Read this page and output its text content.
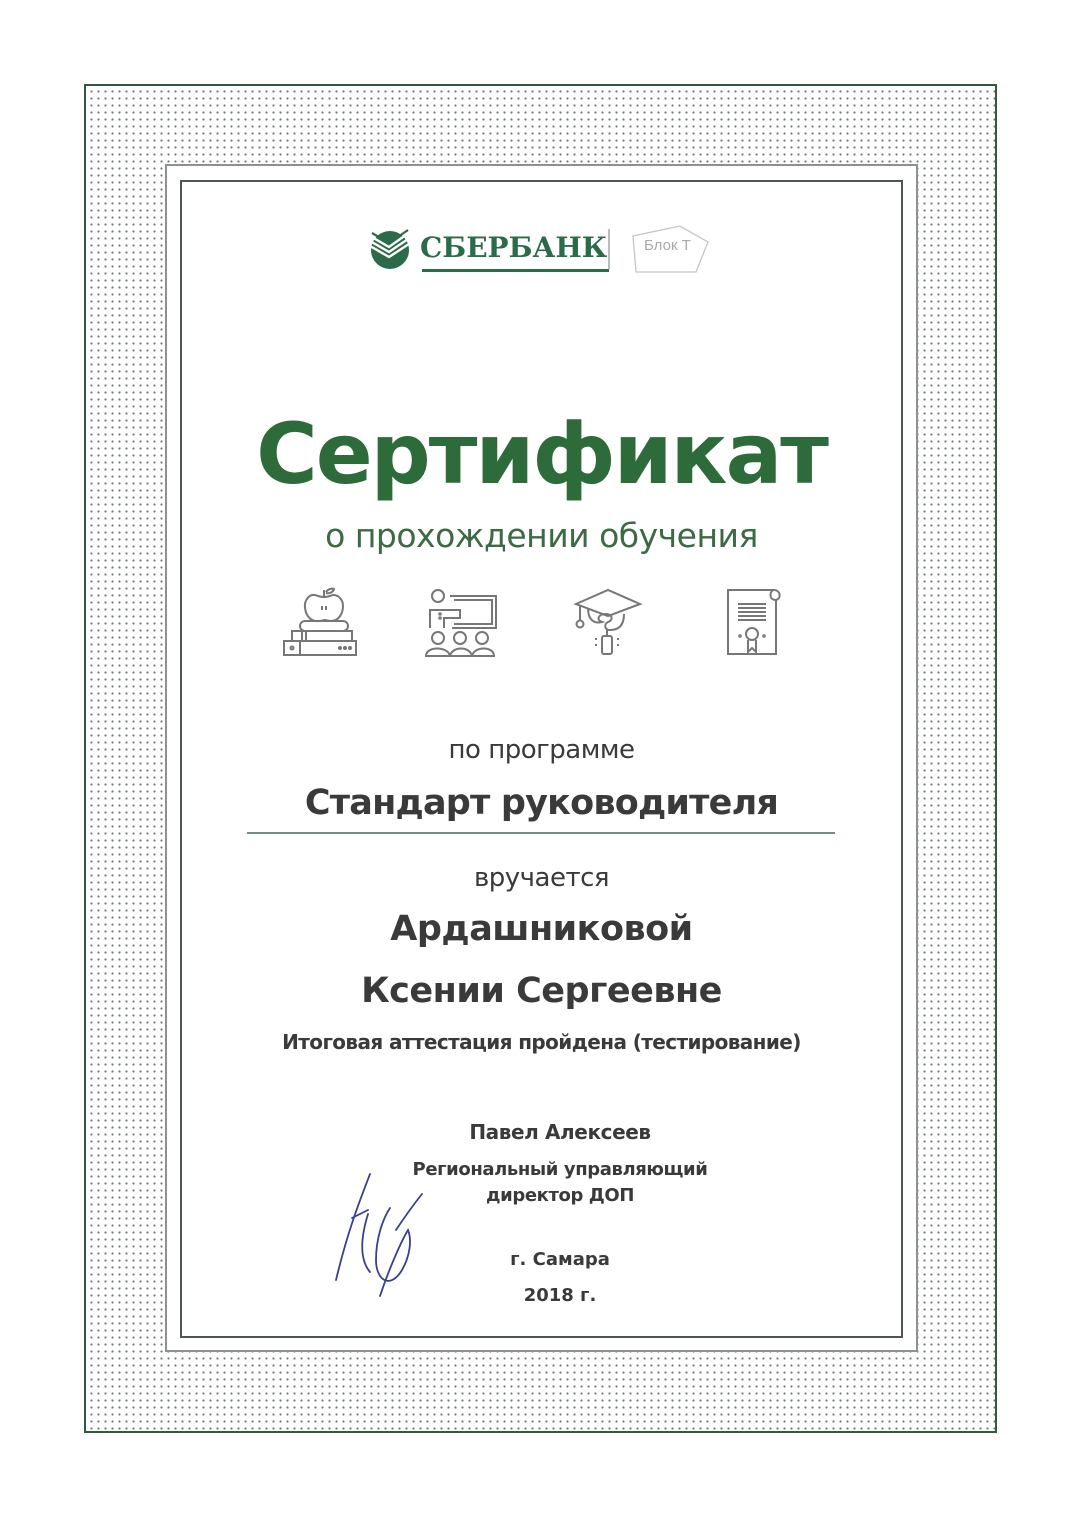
СБЕРБАНК Блок Т
Сертификат
о прохождении обучения
по программе
Стандарт руководителя
вручается
Ардашниковой
Ксении Сергеевне
Итоговая аттестация пройдена (тестирование)
Павел Алексеев
Региональный управляющий
директор ДОП
г. Самара
2018 г.
